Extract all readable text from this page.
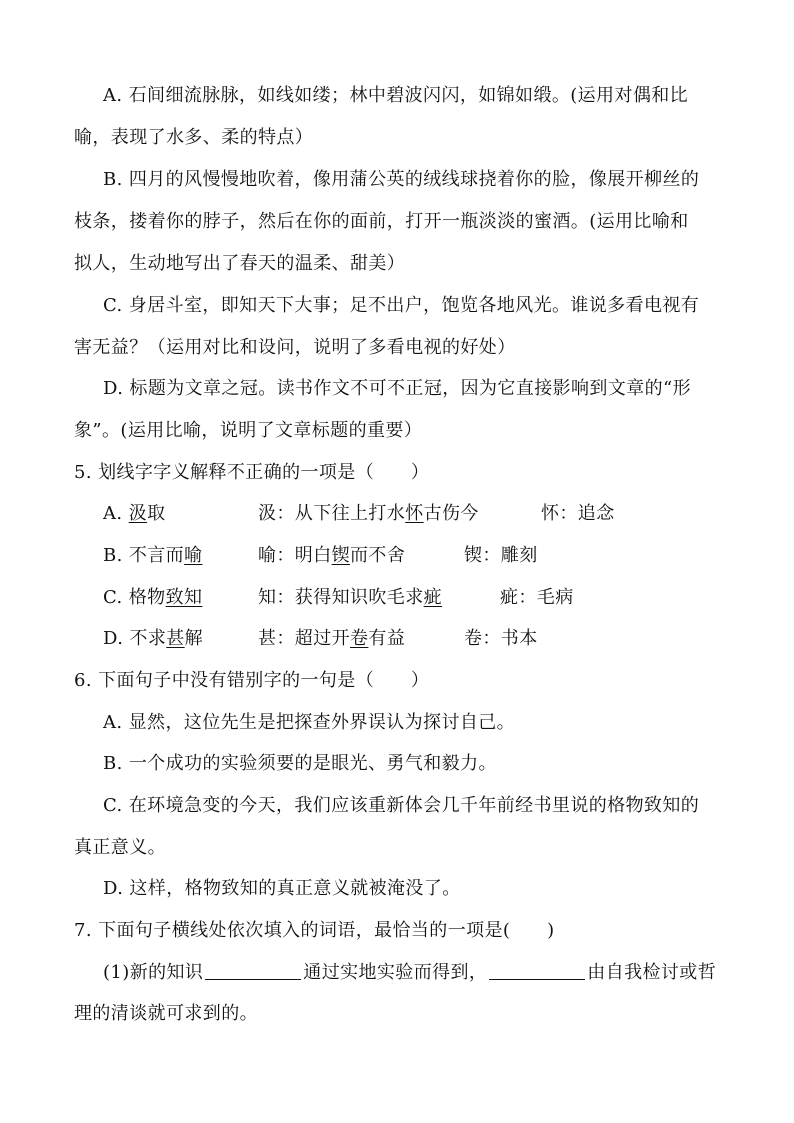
A. 石间细流脉脉，如线如缕；林中碧波闪闪，如锦如缎。(运用对偶和比
喻，表现了水多、柔的特点）
B. 四月的风慢慢地吹着，像用蒲公英的绒线球挠着你的脸，像展开柳丝的
枝条，搂着你的脖子，然后在你的面前，打开一瓶淡淡的蜜酒。(运用比喻和
拟人，生动地写出了春天的温柔、甜美）
C. 身居斗室，即知天下大事；足不出户，饱览各地风光。谁说多看电视有
害无益？（运用对比和设问，说明了多看电视的好处）
D. 标题为文章之冠。读书作文不可不正冠，因为它直接影响到文章的“形
象”。(运用比喻，说明了文章标题的重要）
5. 划线字字义解释不正确的一项是（　　）
A. 汲取	汲：从下往上打水怀古伤今	怀：追念
B. 不言而喻	喻：明白锲而不舍	锲：雕刻
C. 格物致知	知：获得知识吹毛求疵	疵：毛病
D. 不求甚解	甚：超过开卷有益	卷：书本
6. 下面句子中没有错别字的一句是（　　）
A. 显然，这位先生是把探查外界误认为探讨自己。
B. 一个成功的实验须要的是眼光、勇气和毅力。
C. 在环境急变的今天，我们应该重新体会几千年前经书里说的格物致知的
真正意义。
D. 这样，格物致知的真正意义就被淹没了。
7. 下面句子横线处依次填入的词语，最恰当的一项是(　　)
(1)新的知识	通过实地实验而得到，	由自我检讨或哲
理的清谈就可求到的。
